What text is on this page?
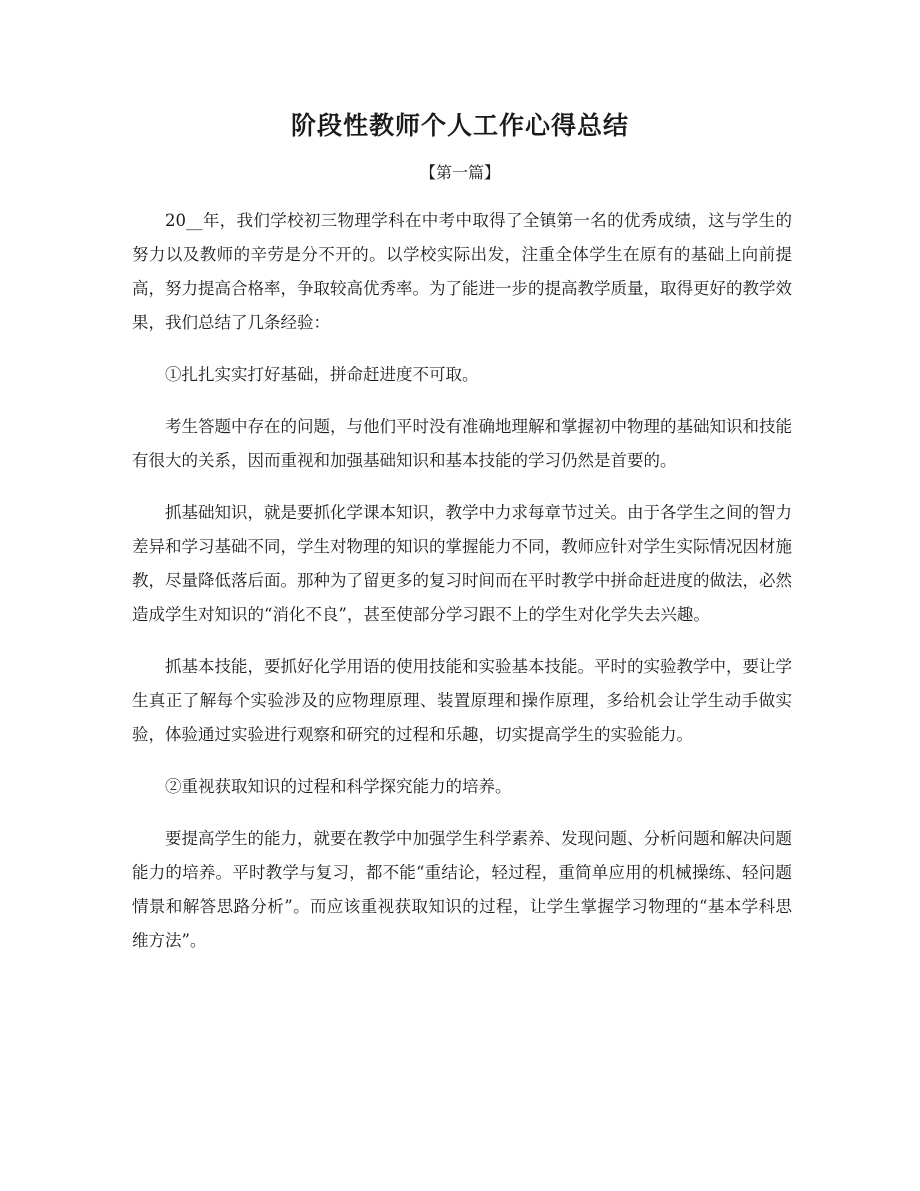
阶段性教师个人工作心得总结

【第一篇】

20__年，我们学校初三物理学科在中考中取得了全镇第一名的优秀成绩，这与学生的努力以及教师的辛劳是分不开的。以学校实际出发，注重全体学生在原有的基础上向前提高，努力提高合格率，争取较高优秀率。为了能进一步的提高教学质量，取得更好的教学效果，我们总结了几条经验：

①扎扎实实打好基础，拼命赶进度不可取。

考生答题中存在的问题，与他们平时没有准确地理解和掌握初中物理的基础知识和技能有很大的关系，因而重视和加强基础知识和基本技能的学习仍然是首要的。

抓基础知识，就是要抓化学课本知识，教学中力求每章节过关。由于各学生之间的智力差异和学习基础不同，学生对物理的知识的掌握能力不同，教师应针对学生实际情况因材施教，尽量降低落后面。那种为了留更多的复习时间而在平时教学中拼命赶进度的做法，必然造成学生对知识的“消化不良”，甚至使部分学习跟不上的学生对化学失去兴趣。

抓基本技能，要抓好化学用语的使用技能和实验基本技能。平时的实验教学中，要让学生真正了解每个实验涉及的应物理原理、装置原理和操作原理，多给机会让学生动手做实验，体验通过实验进行观察和研究的过程和乐趣，切实提高学生的实验能力。

②重视获取知识的过程和科学探究能力的培养。

要提高学生的能力，就要在教学中加强学生科学素养、发现问题、分析问题和解决问题能力的培养。平时教学与复习，都不能“重结论，轻过程，重简单应用的机械操练、轻问题情景和解答思路分析”。而应该重视获取知识的过程，让学生掌握学习物理的“基本学科思维方法”。
